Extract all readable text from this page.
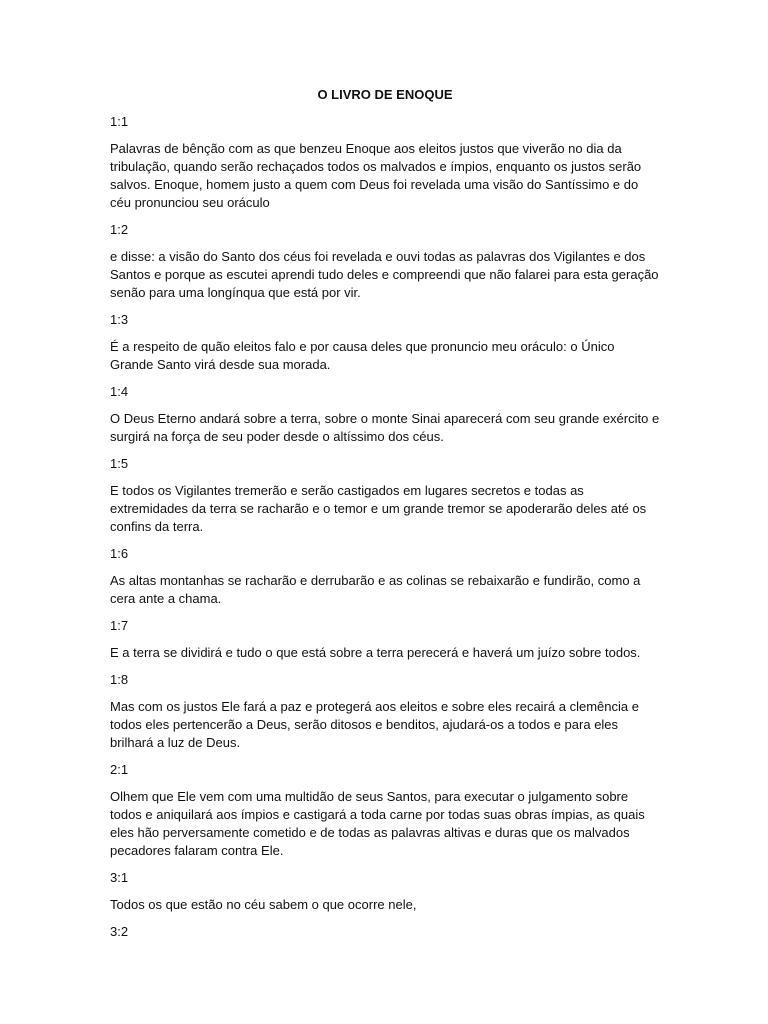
O LIVRO DE ENOQUE
1:1
Palavras de bênção com as que benzeu Enoque aos eleitos justos que viverão no dia da tribulação, quando serão rechaçados todos os malvados e ímpios, enquanto os justos serão salvos. Enoque, homem justo a quem com Deus foi revelada uma visão do Santíssimo e do céu pronunciou seu oráculo
1:2
e disse: a visão do Santo dos céus foi revelada e ouvi todas as palavras dos Vigilantes e dos Santos e porque as escutei aprendi tudo deles e compreendi que não falarei para esta geração senão para uma longínqua que está por vir.
1:3
É a respeito de quão eleitos falo e por causa deles que pronuncio meu oráculo: o Único Grande Santo virá desde sua morada.
1:4
O Deus Eterno andará sobre a terra, sobre o monte Sinai aparecerá com seu grande exército e surgirá na força de seu poder desde o altíssimo dos céus.
1:5
E todos os Vigilantes tremerão e serão castigados em lugares secretos e todas as extremidades da terra se racharão e o temor e um grande tremor se apoderarão deles até os confins da terra.
1:6
As altas montanhas se racharão e derrubarão e as colinas se rebaixarão e fundirão, como a cera ante a chama.
1:7
E a terra se dividirá e tudo o que está sobre a terra perecerá e haverá um juízo sobre todos.
1:8
Mas com os justos Ele fará a paz e protegerá aos eleitos e sobre eles recairá a clemência e todos eles pertencerão a Deus, serão ditosos e benditos, ajudará-os a todos e para eles brilhará a luz de Deus.
2:1
Olhem que Ele vem com uma multidão de seus Santos, para executar o julgamento sobre todos e aniquilará aos ímpios e castigará a toda carne por todas suas obras ímpias, as quais eles hão perversamente cometido e de todas as palavras altivas e duras que os malvados pecadores falaram contra Ele.
3:1
Todos os que estão no céu sabem o que ocorre nele,
3:2
